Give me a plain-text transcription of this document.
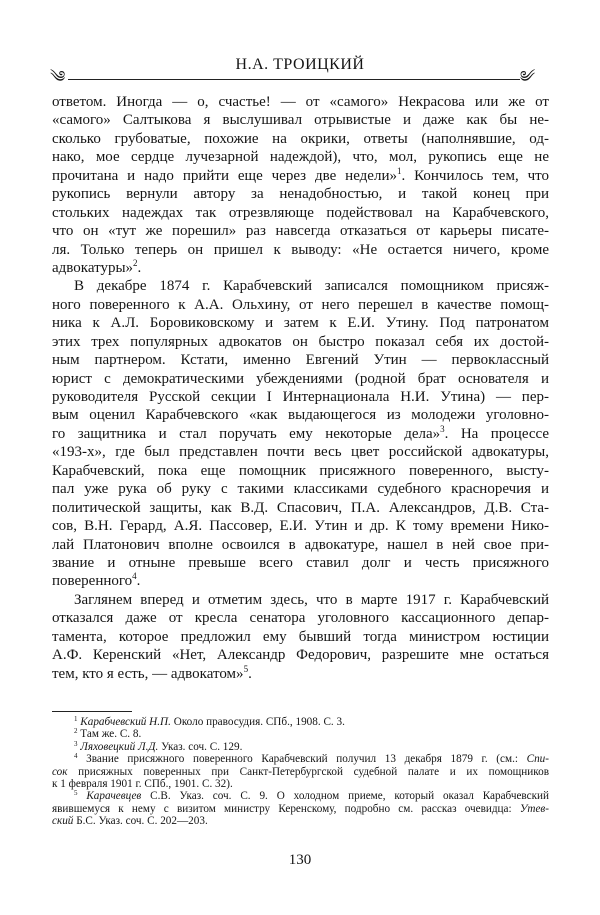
Н.А. ТРОИЦКИЙ
༄	༄
ответом. Иногда — о, счастье! — от «самого» Некрасова или же от
«самого» Салтыкова я выслушивал отрывистые и даже как бы не-
сколько грубоватые, похожие на окрики, ответы (наполнявшие, од-
нако, мое сердце лучезарной надеждой), что, мол, рукопись еще не
прочитана и надо прийти еще через две недели»$^1$. Кончилось тем, что
рукопись вернули автору за ненадобностью, и такой конец при
стольких надеждах так отрезвляюще подействовал на Карабчевского,
что он «тут же порешил» раз навсегда отказаться от карьеры писате-
ля. Только теперь он пришел к выводу: «Не остается ничего, кроме
адвокатуры»$^2$.
В декабре 1874 г. Карабчевский записался помощником присяж-
ного поверенного к А.А. Ольхину, от него перешел в качестве помощ-
ника к А.Л. Боровиковскому и затем к Е.И. Утину. Под патронатом
этих трех популярных адвокатов он быстро показал себя их достой-
ным партнером. Кстати, именно Евгений Утин — первоклассный
юрист с демократическими убеждениями (родной брат основателя и
руководителя Русской секции I Интернационала Н.И. Утина) — пер-
вым оценил Карабчевского «как выдающегося из молодежи уголовно-
го защитника и стал поручать ему некоторые дела»$^3$. На процессе
«193-х», где был представлен почти весь цвет российской адвокатуры,
Карабчевский, пока еще помощник присяжного поверенного, высту-
пал уже рука об руку с такими классиками судебного красноречия и
политической защиты, как В.Д. Спасович, П.А. Александров, Д.В. Ста-
сов, В.Н. Герард, А.Я. Пассовер, Е.И. Утин и др. К тому времени Нико-
лай Платонович вполне освоился в адвокатуре, нашел в ней свое при-
звание и отныне превыше всего ставил долг и честь присяжного
поверенного$^4$.
Заглянем вперед и отметим здесь, что в марте 1917 г. Карабчевский
отказался даже от кресла сенатора уголовного кассационного депар-
тамента, которое предложил ему бывший тогда министром юстиции
А.Ф. Керенский «Нет, Александр Федорович, разрешите мне остаться
тем, кто я есть, — адвокатом»$^5$.
$^1$ Карабчевский Н.П. Около правосудия. СПб., 1908. С. 3.
$^2$ Там же. С. 8.
$^3$ Ляховецкий Л.Д. Указ. соч. С. 129.
$^4$ Звание присяжного поверенного Карабчевский получил 13 декабря 1879 г. (см.: Спи-
сок присяжных поверенных при Санкт-Петербургской судебной палате и их помощников
к 1 февраля 1901 г. СПб., 1901. С. 32).
$^5$ Карачевцев С.В. Указ. соч. С. 9. О холодном приеме, который оказал Карабчевский
явившемуся к нему с визитом министру Керенскому, подробно см. рассказ очевидца: Утев-
ский Б.С. Указ. соч. С. 202—203.
130
